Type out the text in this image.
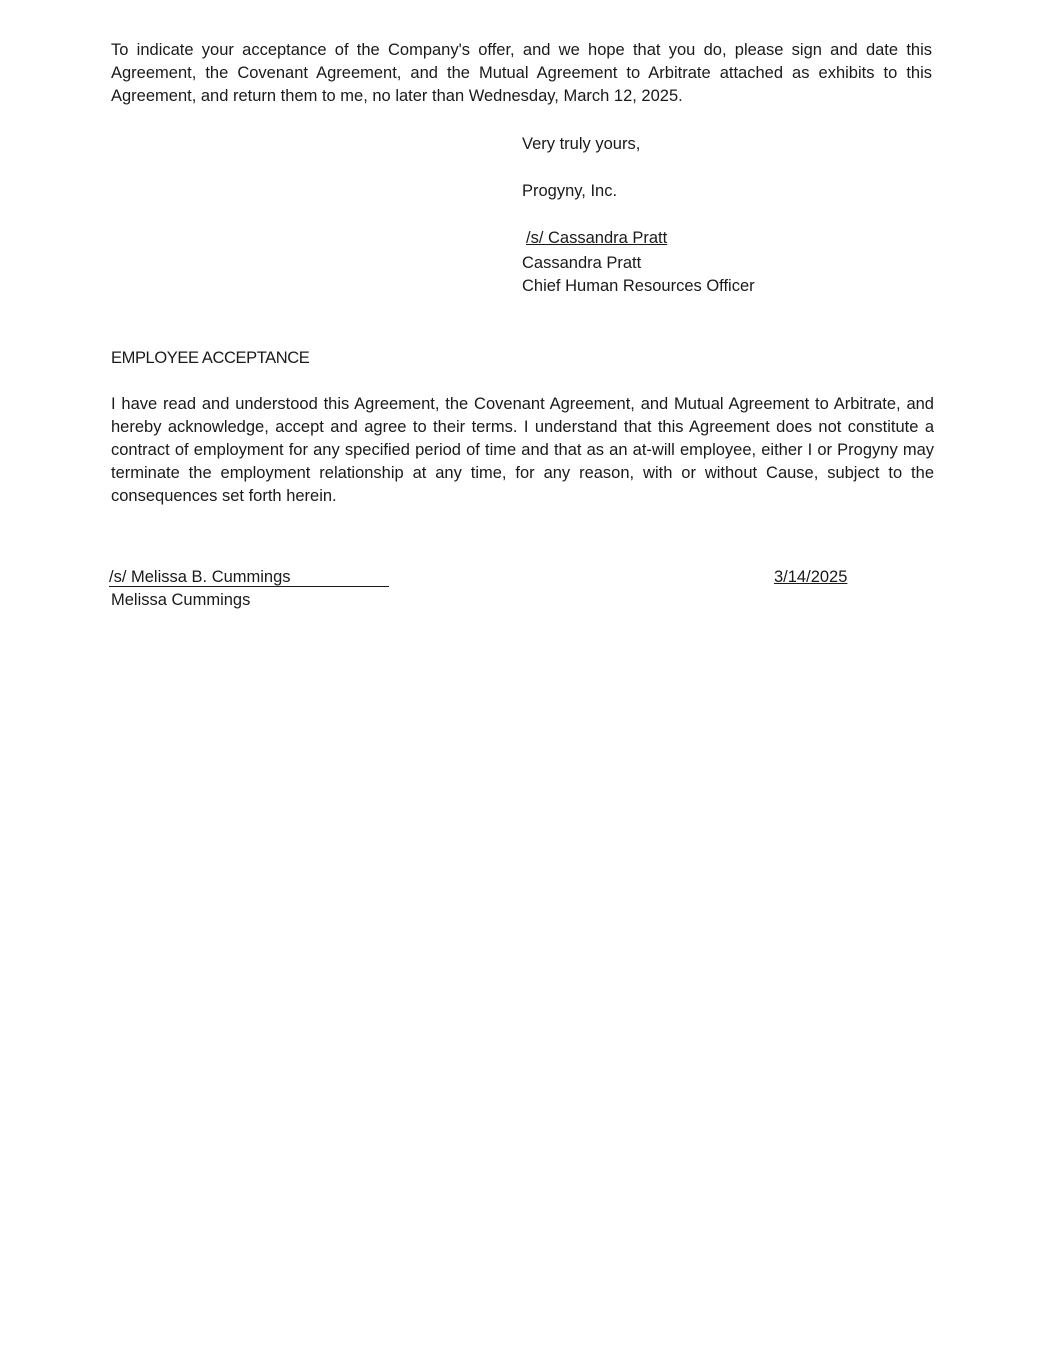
To indicate your acceptance of the Company's offer, and we hope that you do, please sign and date this Agreement, the Covenant Agreement, and the Mutual Agreement to Arbitrate attached as exhibits to this Agreement, and return them to me, no later than Wednesday, March 12, 2025.

Very truly yours,
Progyny, Inc.
/s/ Cassandra Pratt
Cassandra Pratt
Chief Human Resources Officer
EMPLOYEE ACCEPTANCE

I have read and understood this Agreement, the Covenant Agreement, and Mutual Agreement to Arbitrate, and hereby acknowledge, accept and agree to their terms. I understand that this Agreement does not constitute a contract of employment for any specified period of time and that as an at-will employee, either I or Progyny may terminate the employment relationship at any time, for any reason, with or without Cause, subject to the consequences set forth herein.

/s/ Melissa B. Cummings
Melissa Cummings
3/14/2025
